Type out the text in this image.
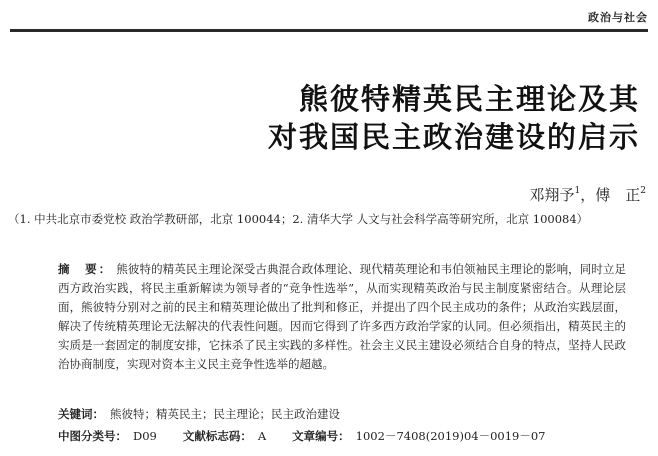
政治与社会
熊彼特精英民主理论及其
对我国民主政治建设的启示
邓翔予$^1$，傅　正$^2$
（1. 中共北京市委党校 政治学教研部，北京 100044；2. 清华大学 人文与社会科学高等研究所，北京 100084）
摘　要： 熊彼特的精英民主理论深受古典混合政体理论、现代精英理论和韦伯领袖民主理论的影响，同时立足西方政治实践，将民主重新解读为领导者的“竞争性选举”，从而实现精英政治与民主制度紧密结合。从理论层面，熊彼特分别对之前的民主和精英理论做出了批判和修正，并提出了四个民主成功的条件；从政治实践层面，解决了传统精英理论无法解决的代表性问题。因而它得到了许多西方政治学家的认同。但必须指出，精英民主的实质是一套固定的制度安排，它抹杀了民主实践的多样性。社会主义民主建设必须结合自身的特点，坚持人民政治协商制度，实现对资本主义民主竞争性选举的超越。
关键词： 熊彼特；精英民主；民主理论；民主政治建设
中图分类号： D09 文献标志码： A 文章编号： 1002－7408(2019)04－0019－07
